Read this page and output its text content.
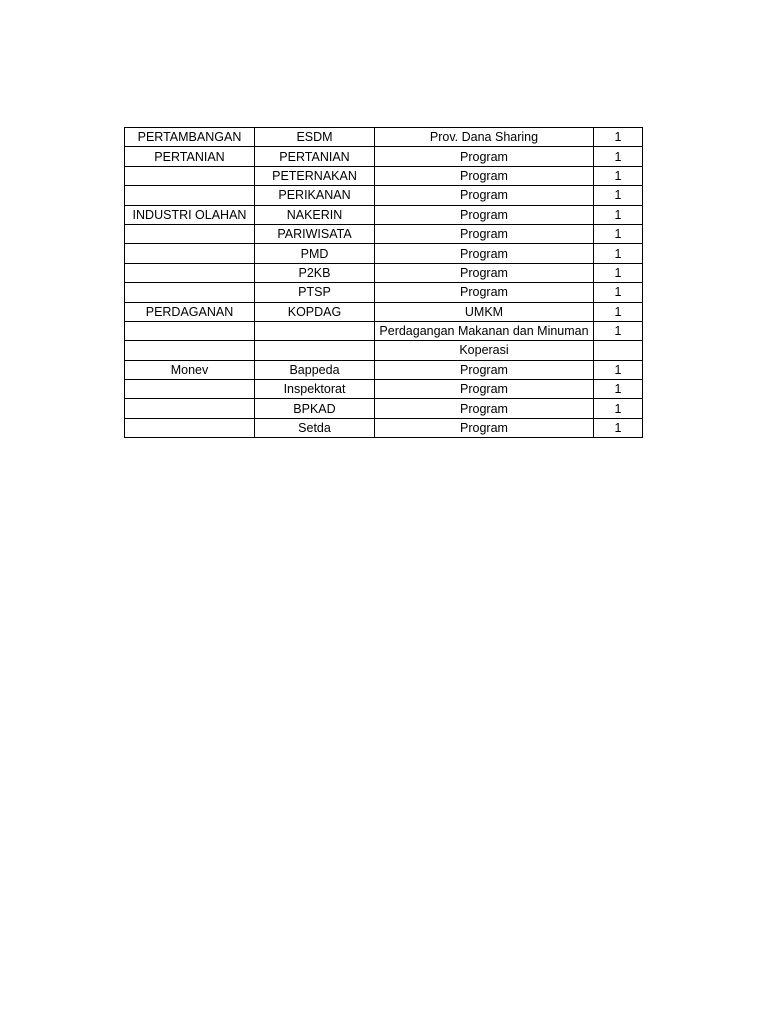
PERTAMBANGAN	ESDM	Prov. Dana Sharing	1
PERTANIAN	PERTANIAN	Program	1
	PETERNAKAN	Program	1
	PERIKANAN	Program	1
INDUSTRI OLAHAN	NAKERIN	Program	1
	PARIWISATA	Program	1
	PMD	Program	1
	P2KB	Program	1
	PTSP	Program	1
PERDAGANAN	KOPDAG	UMKM	1
		Perdagangan Makanan dan Minuman	1
		Koperasi	
Monev	Bappeda	Program	1
	Inspektorat	Program	1
	BPKAD	Program	1
	Setda	Program	1
